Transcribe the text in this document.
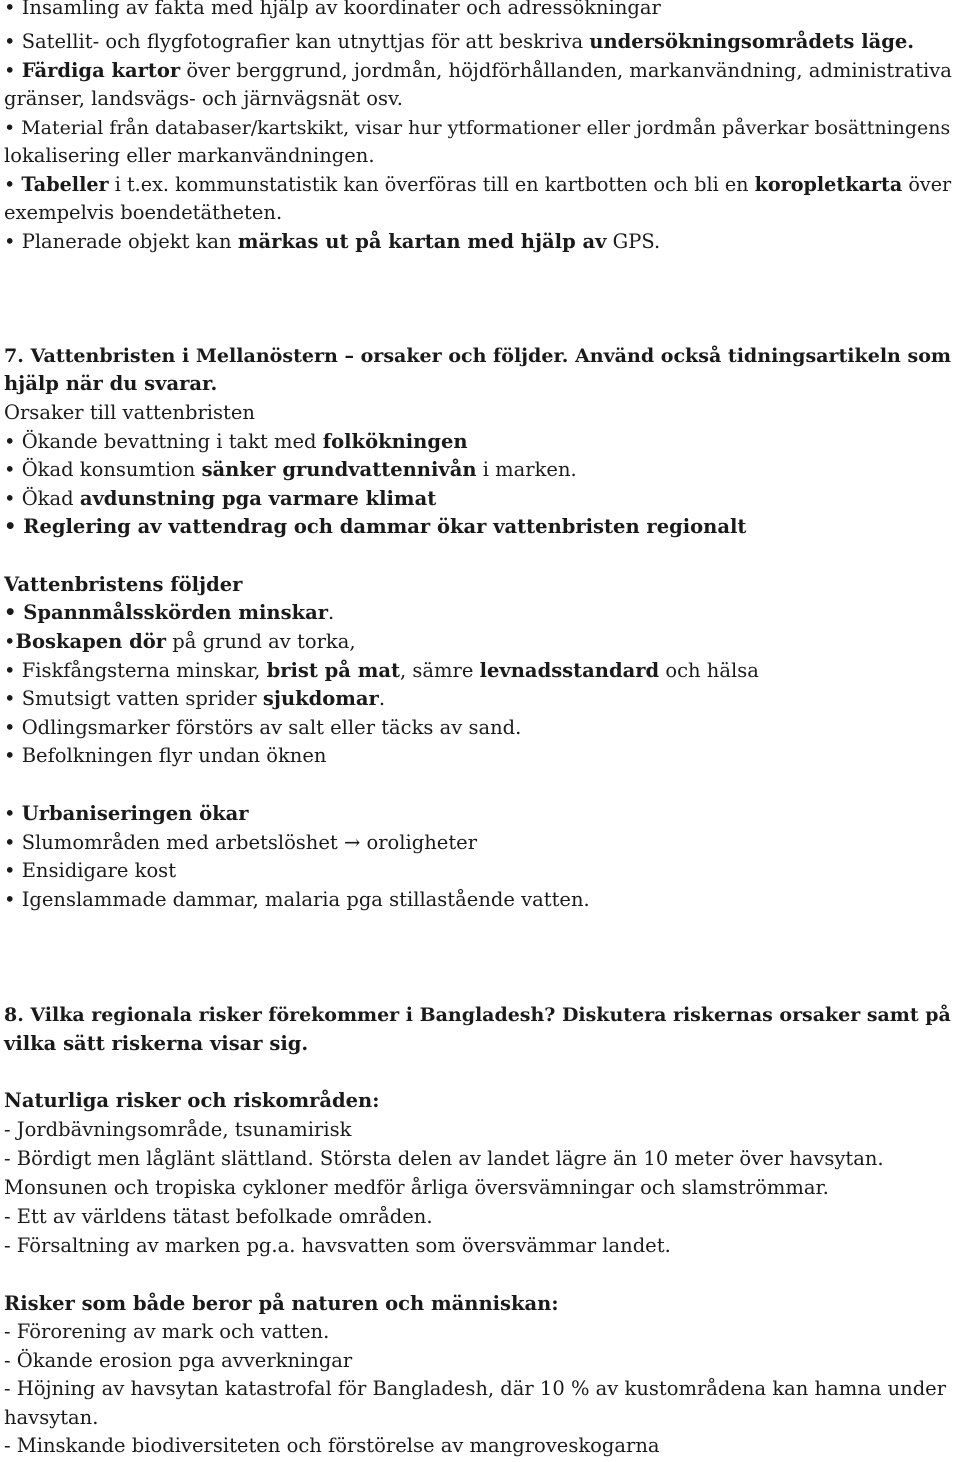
• Insamling av fakta med hjälp av koordinater och adressökningar
• Satellit- och flygfotografier kan utnyttjas för att beskriva undersökningsområdets läge.
• Färdiga kartor över berggrund, jordmån, höjdförhållanden, markanvändning, administrativa
gränser, landsvägs- och järnvägsnät osv.
• Material från databaser/kartskikt, visar hur ytformationer eller jordmån påverkar bosättningens
lokalisering eller markanvändningen.
• Tabeller i t.ex. kommunstatistik kan överföras till en kartbotten och bli en koropletkarta över
exempelvis boendetätheten.
• Planerade objekt kan märkas ut på kartan med hjälp av GPS.
7. Vattenbristen i Mellanöstern – orsaker och följder. Använd också tidningsartikeln som
hjälp när du svarar.
Orsaker till vattenbristen
• Ökande bevattning i takt med folkökningen
• Ökad konsumtion sänker grundvattennivån i marken.
• Ökad avdunstning pga varmare klimat
• Reglering av vattendrag och dammar ökar vattenbristen regionalt
Vattenbristens följder
• Spannmålsskörden minskar.
•Boskapen dör på grund av torka,
• Fiskfångsterna minskar, brist på mat, sämre levnadsstandard och hälsa
• Smutsigt vatten sprider sjukdomar.
• Odlingsmarker förstörs av salt eller täcks av sand.
• Befolkningen flyr undan öknen
• Urbaniseringen ökar
• Slumområden med arbetslöshet → oroligheter
• Ensidigare kost
• Igenslammade dammar, malaria pga stillastående vatten.
8. Vilka regionala risker förekommer i Bangladesh? Diskutera riskernas orsaker samt på
vilka sätt riskerna visar sig.
Naturliga risker och riskområden:
- Jordbävningsområde, tsunamirisk
- Bördigt men låglänt slättland. Största delen av landet lägre än 10 meter över havsytan.
Monsunen och tropiska cykloner medför årliga översvämningar och slamströmmar.
- Ett av världens tätast befolkade områden.
- Försaltning av marken pg.a. havsvatten som översvämmar landet.
Risker som både beror på naturen och människan:
- Förorening av mark och vatten.
- Ökande erosion pga avverkningar
- Höjning av havsytan katastrofal för Bangladesh, där 10 % av kustområdena kan hamna under
havsytan.
- Minskande biodiversiteten och förstörelse av mangroveskogarna
